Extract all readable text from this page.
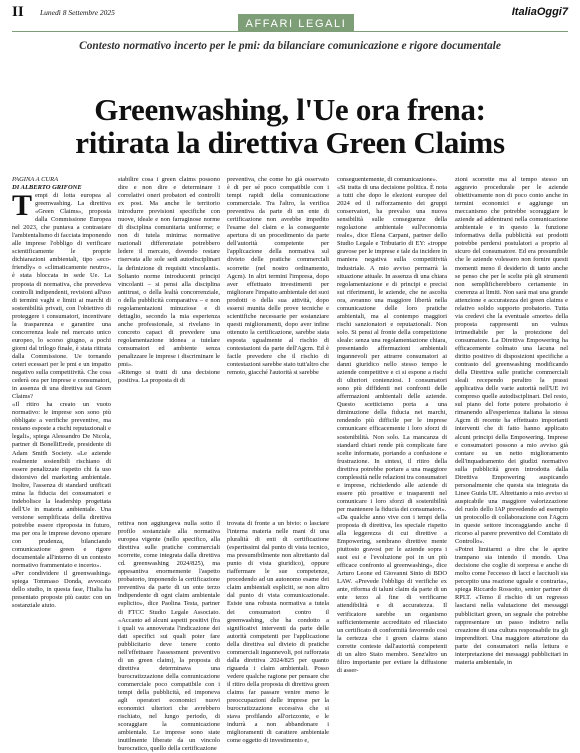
II Lunedì 8 Settembre 2025	ItaliaOggi7
AFFARI LEGALI
Contesto normativo incerto per le pmi: da bilanciare comunicazione e rigore documentale
Greenwashing, l'Ue ora frena:
ritirata la direttiva Green Claims
PAGINA A CURA
DI ALBERTO GRIFONE
T empi di lotta europea al greenwashing. La direttiva «Green Claims», proposta dalla Commissione Europea nel 2023, che puntava a contrastare l'ambientalismo di facciata imponendo alle imprese l'obbligo di verificare scientificamente le proprie dichiarazioni ambientali, tipo «eco-friendly» o «climaticamente neutro», è stata bloccata in sede Ue. La proposta di normativa, che prevedeva controlli indipendenti, revisioni all'uso di termini vaghi e limiti ai marchi di sostenibilità privati, con l'obiettivo di proteggere i consumatori, incentivare la trasparenza e garantire una concorrenza leale nel mercato unico europeo, lo scorso giugno, a pochi giorni dal trilogo finale, è stata ritirata dalla Commissione. Ue tornando ceteri ecessari per le pmi e un impatto negativo sulla competitività. Che cosa cederà ora per imprese e consumatori, in assenza di una direttiva sui Green Claims?

«Il ritiro ha creato un vuoto normativo: le imprese son sono più obbligate a verifiche preventive, ma restano esposte a rischi reputazionali e legali», spiega Alessandro De Nicola, partner di BonelliErede, presidente di Adam Smith Society. «Le aziende realmente sostenibili rischiano di essere penalizzate rispetto chi fa uso distorsivo del marketing ambientale. Inoltre, l'assenza di standard unificati mina la fiducia dei consumatori e indebolisce la leadership progettata dell'Ue in materia ambientale. Una versione semplificata della direttiva potrebbe essere riproposta in futuro, ma per ora le imprese devono operare con prudenza, bilanciando comunicazione green e rigore documentale all'interno di un contesto normativo frammentato e incerto».

«Per condividere il greenwashing» spiega Tommaso Donda, avvocato dello studio, in questa fase, l'Italia ha presentato proposte più caute: con un sostanziale aiuto.

stabilire cosa i green claims possono dire e non dire e determinare i correlativi oneri probatori ed controlli ex post. Ma anche le territorio introdurre previsioni specifiche con nuove, ideale e non farraginose norme di disciplina comunitaria uniforme; e non di tutela minima: normative nazionali differenziate potrebbero ledere il mercato, dovendo restare riservata alle sole sedi autodisciplinari la definizione di requisiti vincolanti». Soltanto norme introducenti principi vincolanti – si pensi alla disciplina antitrust, o della lealtà concorrenziale, o della pubblicità comparativa – e non regolamentazioni minuziose e di dettaglio, secondo la mia esperienza anche professionale, si rivelano in concreto capaci di prevedere una regolamentazione idonea a tutelare consumatori ed ambiente senza penalizzare le imprese i discriminare le pmi».

«Ritengo si tratti di una decisione positiva. La proposta di di

preventiva, che come ho già osservato è di per sé poco compatibile con i tempi rapidi della comunicazione commerciale. Tra l'altro, la verifica preventiva da parte di un ente di certificazione non avrebbe impedito l'esame del claim e la conseguente apertura di un procedimento da parte dell'autorità competente per l'applicazione della normativa sul divieto delle pratiche commerciali scorrette (nel nostro ordinamento, Agcm). In altri termini l'impresa, dopo aver effettuato investimenti per migliorare l'impatto ambientale dei suoi prodotti o della sua attività, dopo essersi munita delle prove tecniche e scientifiche necessarie per sostanziare questi miglioramenti, dopo aver infine ottenuto la certificazione, sarebbe stata esposta ugualmente al rischio di contestazioni da parte dell'Agcm. Ed è facile prevedere che il rischio di contestazioni sarebbe stato tutt'altro che remoto, giacché l'autorità si sarebbe

rettiva non aggiungeva nulla sotto il profilo sostanziale alla normativa europea vigente (nello specifico, alla direttiva sulle pratiche commerciali scorrette, come integrata dalla direttiva cd. greenwashing 2024/825), ma appesantiva enormemente l'aspetto probatorio, imponendo la certificazione preventiva da parte di un ente terzo indipendente di ogni claim ambientale esplicito», dice Paolina Testa, partner di FTCC Studio Legale Associato. «Accanto ad alcuni aspetti positivi (fra i quali va annoverata l'indicazione dei dati specifici sui quali poter fare pubblicitario deve tenere conto nell'effettuare l'assessment preventivo di un green claim), la proposta di direttiva determinava una burocratizzazione della comunicazione commerciale poco compatibile con i tempi della pubblicità, ed imponeva agli operatori economici nuovi economici ulteriori che avrebbero rischiato, nel lungo periodo, di scoraggiare la comunicazione ambientale. Le imprese sono state inutilmente liberate da un vincolo burocratico, quello della certificazione

trovata di fronte a un bivio: o lasciare l'interna materia nelle mani di una pluralità di enti di certificazione (espertissimi dal punto di vista tecnico, ma presumibilmente non altrettanto dal punto di vista giuridico), oppure riaffermare le sue competenze, procedendo ad un autonomo esame dei claim ambientali espliciti, se non altro dal punto di vista comunicazionale. Esiste una robusta normativa a tutela dei consumatori contro il greenwashing, che ha condotto a significativi interventi da parte delle autorità competenti per l'applicazione della direttiva sul divieto di pratiche commerciali ingannevoli, poi rafforzata dalla direttiva 2024/825 per quanto riguarda i claim ambientali. Posso vedere qualche ragione per pensare che il ritiro della proposta di direttiva green claims far passare venire meno le preoccupazioni delle imprese per la burocratizzazione eccessiva che si stava profilando all'orizzonte, e le indurrà a non abbandonare i miglioramenti di carattere ambientale come oggetto di investimento e,

conseguentemente, di comunicazione».
«Si tratta di una decisione politica. È nota a tutti che dopo le elezioni europee del 2024 ed il rafforzamento dei gruppi conservatori, ha prevalso una nuova sensibilità sulle conseguenze della regolazione ambientale sull'economia reale», dice Elena Carpani, partner dello Studio Legale e Tributario di EY: «troppe gravose per le imprese e tale da incidere in maniera negativa sulla competitività industriale. A mio avviso permarrà la situazione attuale. In assenza di una chiara regolamentazione e di principi e precisi sui riferimenti, le aziende, che ne ascolta ora, avranno una maggiore libertà nella comunicazione delle loro pratiche ambientali, ma al contempo maggiori rischi sanzionatori e reputazionali. Non solo. Si pensi al fronte della competizione sleale: senza una regolamentazione chiara, presentando affermazioni ambientali ingannevoli per attrarre consumatori ai danni giuridico nello stesso tempo le aziende competitive e ci si espone a rischi di ulteriori contenziosi. I consumatori sono più diffidenti nei confronti delle affermazioni ambientali delle aziende. Questo scetticismo porta a una diminuzione della fiducia nei marchi, rendendo più difficile per le imprese comunicare efficacemente i loro sforzi di sostenibilità. Non solo. La mancanza di standard chiari rende più complicate fare scelte informate, portando a confusione e frustrazione. In sintesi, il ritiro della direttiva potrebbe portare a una maggiore complessità nelle relazioni tra consumatori e imprese, richiedendo alle aziende di essere più proattive e trasparenti nel comunicare i loro sforzi di sostenibilità per mantenere la fiducia dei consumatori».
«Da qualche anno vive con i tempi della proposta di direttiva, les speciale rispetto alla leggerezza di cui direttive a Empowering, sembrano direttive mente piuttosto gravosi per le aziende sopra i suoi esi e l'evoluzione poi in un più efficace confronto al greenwashing», dice Arturo Leone ed Giovanni Sinto di BDO LAW. «Prevede l'obbligo di verifiche ex ante, riforma di taluni claim da parte di un ente terzo al fine di verificarne attendibilità e di accuratezza. Il verificatore sarebbe un organismo sufficientemente accreditato ed rilasciato un certificato di conformità favorendo così la certezza che i green claims siano corrette conteste dall'autorità competenti di un altro Stato membro. Senz'altro un filtro importante per evitare la diffusione di asser-

zioni scorrette ma al tempo stesso un aggravio procedurale per le aziende obiettivamente non di poco conto anche in termini economici e aggiunge un meccanismo che potrebbe scoraggiare le aziende ad addentrarsi nella comunicazione ambientale e in questo la funzione informativa della pubblicità sui prodotti potrebbe perdersi postulatori a proprio al sicuro del consumatore. Ed era presumibile che le aziende volessero non fornire questi momenti meno il desiderio di tanto anche se penso che per le scelte più gli strumenti non semplificherebbero certamente in coerenza ai limiti. Non sarà mai una grande attenzione e accuratezza dei green claims e relativo solido supporto probatorio. Tutta via credevi che la eventuale «morte» della proposta rappresenti un vulnus irrimediabile per la protezione del consumatore. La Direttiva Empowering ha efficacemente colmato una lacuna nel diritto positivo di disposizioni specifiche a contrasto del greenwashing modificando della Direttiva sulle pratiche commerciali sleali recependo peraltro la prassi applicativa delle varie autorità nell'UE ivi compreso quelle autodisciplinari. Del resto, sul piano del forte potere probatorio è rimanendo all'esperienza italiana la stessa Agcm di recente ha effettuato importanti interventi che di fatto hanno applicato alcuni principi della Empowering. Imprese e consumatori possono a mio avviso già contare su un netto miglioramento dell'inquadramento dei giudizi normativo sulla pubblicità green introdotta dalla Direttiva Empowering auspicando personalmente che questa sia integrata da Linee Guida UE. Altrettanto a mio avviso si auspicabile una maggiore valorizzazione del ruolo dello IAP prevedendo ad esempio un protocollo di collaborazione con l'Agcm in queste settore incoraggiando anche il ricorso al parere preventivo del Comitato di Controllo».
«Potrei limitarmi a dire che le aprire trampano sia intendo il mondo. Una decisione che coglie di sorpresa e anche di molto come l'eccesso di lacci e lacciuoli sia percepito una reazione uguale e contraria», spiega Riccardo Rossotto, senior partner di RPLT. «Temo il rischio di un regresso lasciarsi nella valutazione dei messaggi pubblicitari green, un segnale che potrebbe rappresentare un passo indietro nella creazione di una cultura responsabile tra gli imprenditori. Una maggiore attenzione da parte dei consumatori nella lettura e interpretazione dei messaggi pubblicitari in materia ambientale, in
